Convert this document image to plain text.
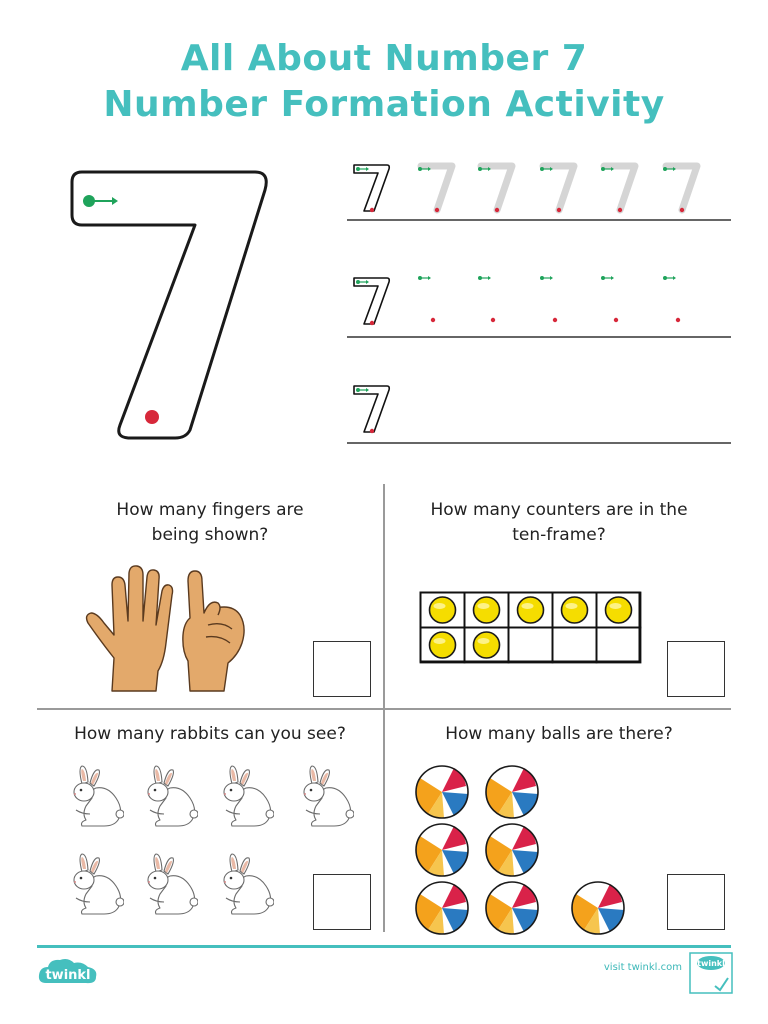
All About Number 7
Number Formation Activity
How many fingers are
being shown?
How many counters are in the
ten-frame?
How many rabbits can you see?	How many balls are there?
twinkl
visit twinkl.com twinkl
